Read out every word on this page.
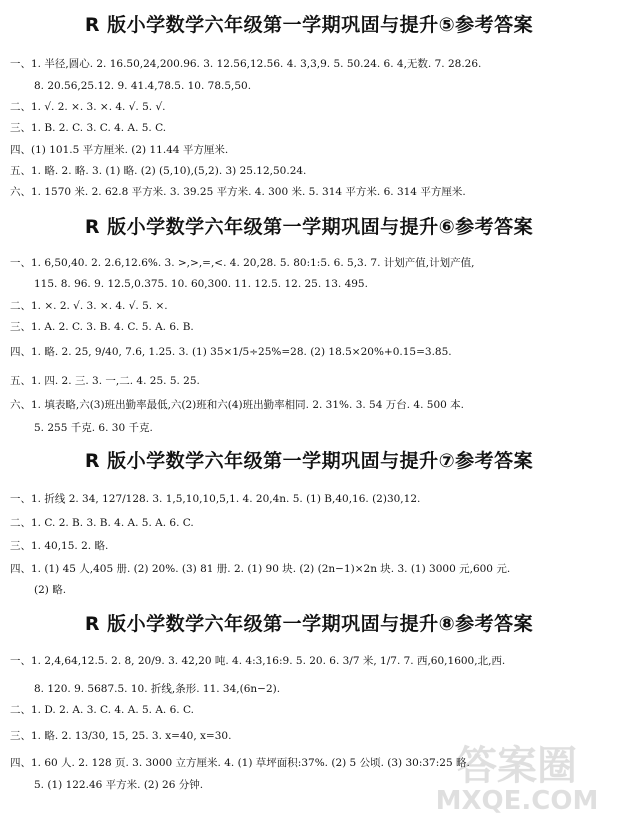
R 版小学数学六年级第一学期巩固与提升⑤参考答案
一、1. 半径,圆心. 2. 16.50,24,200.96. 3. 12.56,12.56. 4. 3,3,9. 5. 50.24. 6. 4,无数. 7. 28.26.
8. 20.56,25.12. 9. 41.4,78.5. 10. 78.5,50.
二、1. √. 2. ×. 3. ×. 4. √. 5. √.
三、1. B. 2. C. 3. C. 4. A. 5. C.
四、(1) 101.5 平方厘米. (2) 11.44 平方厘米.
五、1. 略. 2. 略. 3. (1) 略. (2) (5,10),(5,2). 3) 25.12,50.24.
六、1. 1570 米. 2. 62.8 平方米. 3. 39.25 平方米. 4. 300 米. 5. 314 平方米. 6. 314 平方厘米.
R 版小学数学六年级第一学期巩固与提升⑥参考答案
一、1. 6,50,40. 2. 2.6,12.6%. 3. >,>,=,<. 4. 20,28. 5. 80:1:5. 6. 5,3. 7. 计划产值,计划产值,
115. 8. 96. 9. 12.5,0.375. 10. 60,300. 11. 12.5. 12. 25. 13. 495.
二、1. ×. 2. √. 3. ×. 4. √. 5. ×.
三、1. A. 2. C. 3. B. 4. C. 5. A. 6. B.
四、1. 略. 2. 25, 9/40, 7.6, 1.25. 3. (1) 35×1/5÷25%=28. (2) 18.5×20%+0.15=3.85.
五、1. 四. 2. 三. 3. 一,二. 4. 25. 5. 25.
六、1. 填表略,六(3)班出勤率最低,六(2)班和六(4)班出勤率相同. 2. 31%. 3. 54 万台. 4. 500 本.
5. 255 千克. 6. 30 千克.
R 版小学数学六年级第一学期巩固与提升⑦参考答案
一、1. 折线 2. 34, 127/128. 3. 1,5,10,10,5,1. 4. 20,4n. 5. (1) B,40,16. (2)30,12.
二、1. C. 2. B. 3. B. 4. A. 5. A. 6. C.
三、1. 40,15. 2. 略.
四、1. (1) 45 人,405 册. (2) 20%. (3) 81 册. 2. (1) 90 块. (2) (2n−1)×2n 块. 3. (1) 3000 元,600 元.
(2) 略.
R 版小学数学六年级第一学期巩固与提升⑧参考答案
一、1. 2,4,64,12.5. 2. 8, 20/9. 3. 42,20 吨. 4. 4:3,16:9. 5. 20. 6. 3/7 米, 1/7. 7. 西,60,1600,北,西.
8. 120. 9. 5687.5. 10. 折线,条形. 11. 34,(6n−2).
二、1. D. 2. A. 3. C. 4. A. 5. A. 6. C.
三、1. 略. 2. 13/30, 15, 25. 3. x=40, x=30.
四、1. 60 人. 2. 128 页. 3. 3000 立方厘米. 4. (1) 草坪面积:37%. (2) 5 公顷. (3) 30:37:25 略.
5. (1) 122.46 平方米. (2) 26 分钟.	答案圈
MXQE.COM
